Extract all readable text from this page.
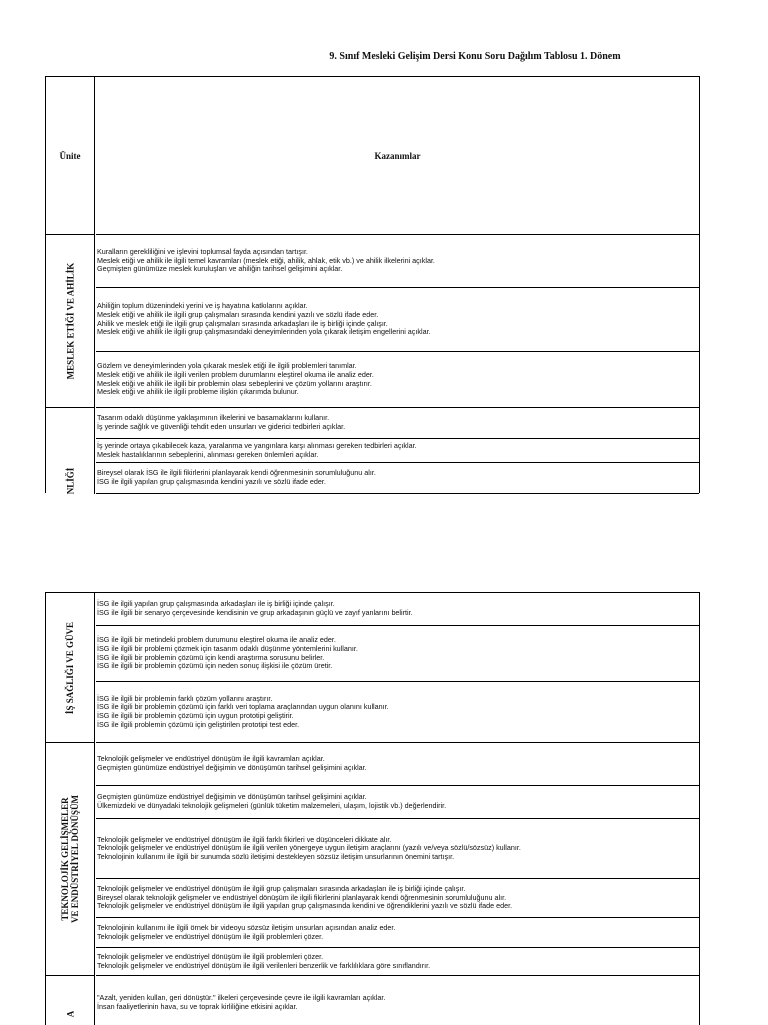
9. Sınıf Mesleki Gelişim Dersi Konu Soru Dağılım Tablosu 1. Dönem
Ünite	Kazanımlar
MESLEK ETİĞİ VE AHİLİK
NLİĞİ
Kuralların gerekliliğini ve işlevini toplumsal fayda açısından tartışır.
Meslek etiği ve ahilik ile ilgili temel kavramları (meslek etiği, ahilik, ahlak, etik vb.) ve ahilik ilkelerini açıklar.
Geçmişten günümüze meslek kuruluşları ve ahiliğin tarihsel gelişimini açıklar.
Ahiliğin toplum düzenindeki yerini ve iş hayatına katkılarını açıklar.
Meslek etiği ve ahilik ile ilgili grup çalışmaları sırasında kendini yazılı ve sözlü ifade eder.
Ahilik ve meslek etiği ile ilgili grup çalışmaları sırasında arkadaşları ile iş birliği içinde çalışır.
Meslek etiği ve ahilik ile ilgili grup çalışmasındaki deneyimlerinden yola çıkarak iletişim engellerini açıklar.
Gözlem ve deneyimlerinden yola çıkarak meslek etiği ile ilgili problemleri tanımlar.
Meslek etiği ve ahilik ile ilgili verilen problem durumlarını eleştirel okuma ile analiz eder.
Meslek etiği ve ahilik ile ilgili bir problemin olası sebeplerini ve çözüm yollarını araştırır.
Meslek etiği ve ahilik ile ilgili probleme ilişkin çıkarımda bulunur.
Tasarım odaklı düşünme yaklaşımının ilkelerini ve basamaklarını kullanır.
İş yerinde sağlık ve güvenliği tehdit eden unsurları ve giderici tedbirleri açıklar.
İş yerinde ortaya çıkabilecek kaza, yaralanma ve yangınlara karşı alınması gereken tedbirleri açıklar.
Meslek hastalıklarının sebeplerini, alınması gereken önlemleri açıklar.
Bireysel olarak İSG ile ilgili fikirlerini planlayarak kendi öğrenmesinin sorumluluğunu alır.
İSG ile ilgili yapılan grup çalışmasında kendini yazılı ve sözlü ifade eder.
İŞ SAĞLIĞI VE GÜVE
TEKNOLOJİK GELİŞMELER VE ENDÜSTRİYEL DÖNÜŞÜM
A
İSG ile ilgili yapılan grup çalışmasında arkadaşları ile iş birliği içinde çalışır.
İSG ile ilgili bir senaryo çerçevesinde kendisinin ve grup arkadaşının güçlü ve zayıf yanlarını belirtir.
İSG ile ilgili bir metindeki problem durumunu eleştirel okuma ile analiz eder.
İSG ile ilgili bir problemi çözmek için tasarım odaklı düşünme yöntemlerini kullanır.
İSG ile ilgili bir problemin çözümü için kendi araştırma sorusunu belirler.
İSG ile ilgili bir problemin çözümü için neden sonuç ilişkisi ile çözüm üretir.
İSG ile ilgili bir problemin farklı çözüm yollarını araştırır.
İSG ile ilgili bir problemin çözümü için farklı veri toplama araçlarından uygun olanını kullanır.
İSG ile ilgili bir problemin çözümü için uygun prototipi geliştirir.
İSG ile ilgili problemin çözümü için geliştirilen prototipi test eder.
Teknolojik gelişmeler ve endüstriyel dönüşüm ile ilgili kavramları açıklar.
Geçmişten günümüze endüstriyel değişimin ve dönüşümün tarihsel gelişimini açıklar.
Geçmişten günümüze endüstriyel değişimin ve dönüşümün tarihsel gelişimini açıklar.
Ülkemizdeki ve dünyadaki teknolojik gelişmeleri (günlük tüketim malzemeleri, ulaşım, lojistik vb.) değerlendirir.
Teknolojik gelişmeler ve endüstriyel dönüşüm ile ilgili farklı fikirleri ve düşünceleri dikkate alır.
Teknolojik gelişmeler ve endüstriyel dönüşüm ile ilgili verilen yönergeye uygun iletişim araçlarını (yazılı ve/veya sözlü/sözsüz) kullanır.
Teknolojinin kullanımı ile ilgili bir sunumda sözlü iletişimi destekleyen sözsüz iletişim unsurlarının önemini tartışır.
Teknolojik gelişmeler ve endüstriyel dönüşüm ile ilgili grup çalışmaları sırasında arkadaşları ile iş birliği içinde çalışır.
Bireysel olarak teknolojik gelişmeler ve endüstriyel dönüşüm ile ilgili fikirlerini planlayarak kendi öğrenmesinin sorumluluğunu alır.
Teknolojik gelişmeler ve endüstriyel dönüşüm ile ilgili yapılan grup çalışmasında kendini ve öğrendiklerini yazılı ve sözlü ifade eder.
Teknolojinin kullanımı ile ilgili örnek bir videoyu sözsüz iletişim unsurları açısından analiz eder.
Teknolojik gelişmeler ve endüstriyel dönüşüm ile ilgili problemleri çözer.
Teknolojik gelişmeler ve endüstriyel dönüşüm ile ilgili problemleri çözer.
Teknolojik gelişmeler ve endüstriyel dönüşüm ile ilgili verilenleri benzerlik ve farklılıklara göre sınıflandırır.
"Azalt, yeniden kullan, geri dönüştür." ilkeleri çerçevesinde çevre ile ilgili kavramları açıklar.
İnsan faaliyetlerinin hava, su ve toprak kirliliğine etkisini açıklar.
